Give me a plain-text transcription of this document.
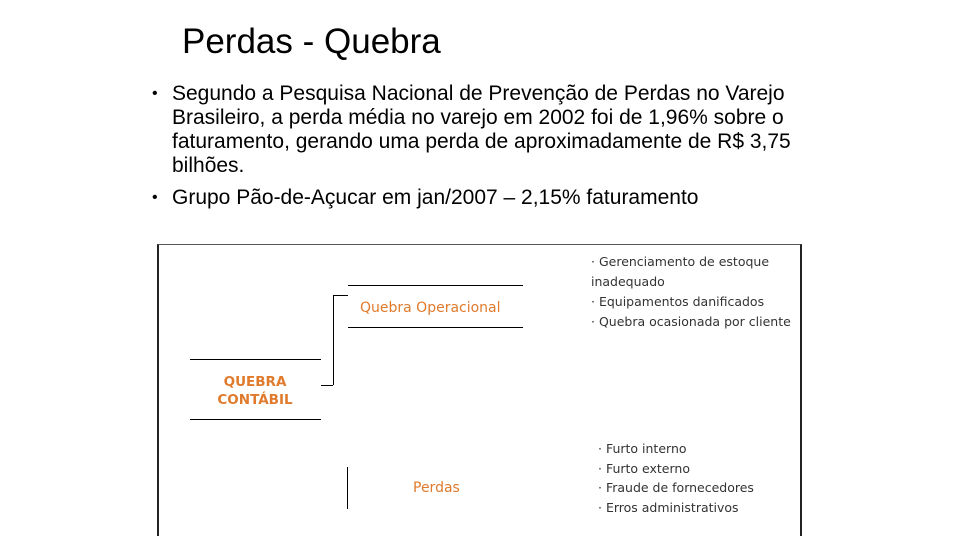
Perdas - Quebra
• Segundo a Pesquisa Nacional de Prevenção de Perdas no Varejo Brasileiro, a perda média no varejo em 2002 foi de 1,96% sobre o faturamento, gerando uma perda de aproximadamente de R$ 3,75 bilhões.
• Grupo Pão-de-Açucar em jan/2007 – 2,15% faturamento
QUEBRA
CONTÁBIL
Quebra Operacional
Perdas
· Gerenciamento de estoque
inadequado
· Equipamentos danificados
· Quebra ocasionada por cliente
· Furto interno
· Furto externo
· Fraude de fornecedores
· Erros administrativos
